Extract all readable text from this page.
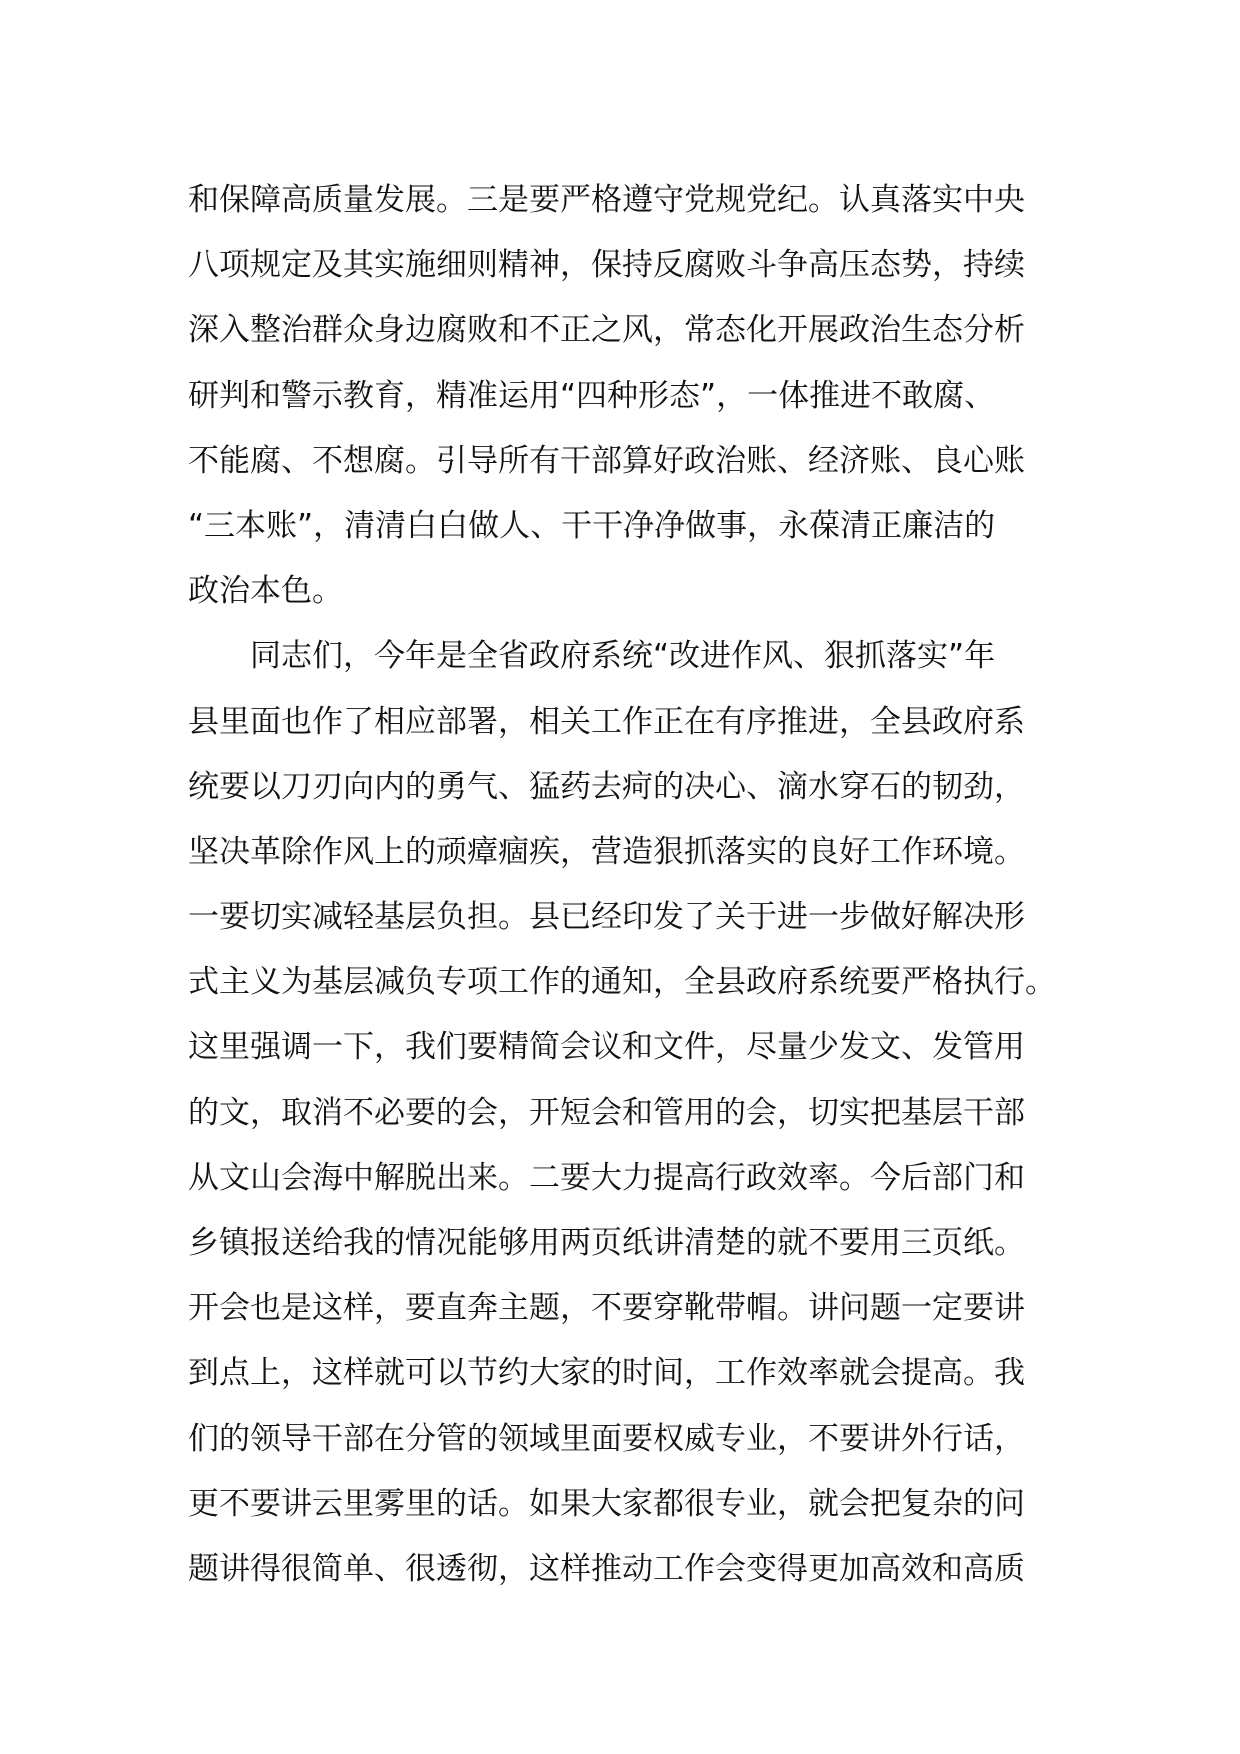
和保障高质量发展。三是要严格遵守党规党纪。认真落实中央
八项规定及其实施细则精神，保持反腐败斗争高压态势，持续
深入整治群众身边腐败和不正之风，常态化开展政治生态分析
研判和警示教育，精准运用“四种形态”，一体推进不敢腐、
不能腐、不想腐。引导所有干部算好政治账、经济账、良心账
“三本账”，清清白白做人、干干净净做事，永葆清正廉洁的
政治本色。
同志们，今年是全省政府系统“改进作风、狠抓落实”年
县里面也作了相应部署，相关工作正在有序推进，全县政府系
统要以刀刃向内的勇气、猛药去疴的决心、滴水穿石的韧劲，
坚决革除作风上的顽瘴痼疾，营造狠抓落实的良好工作环境。
一要切实减轻基层负担。县已经印发了关于进一步做好解决形
式主义为基层减负专项工作的通知，全县政府系统要严格执行。
这里强调一下，我们要精简会议和文件，尽量少发文、发管用
的文，取消不必要的会，开短会和管用的会，切实把基层干部
从文山会海中解脱出来。二要大力提高行政效率。今后部门和
乡镇报送给我的情况能够用两页纸讲清楚的就不要用三页纸。
开会也是这样，要直奔主题，不要穿靴带帽。讲问题一定要讲
到点上，这样就可以节约大家的时间，工作效率就会提高。我
们的领导干部在分管的领域里面要权威专业，不要讲外行话，
更不要讲云里雾里的话。如果大家都很专业，就会把复杂的问
题讲得很简单、很透彻，这样推动工作会变得更加高效和高质
